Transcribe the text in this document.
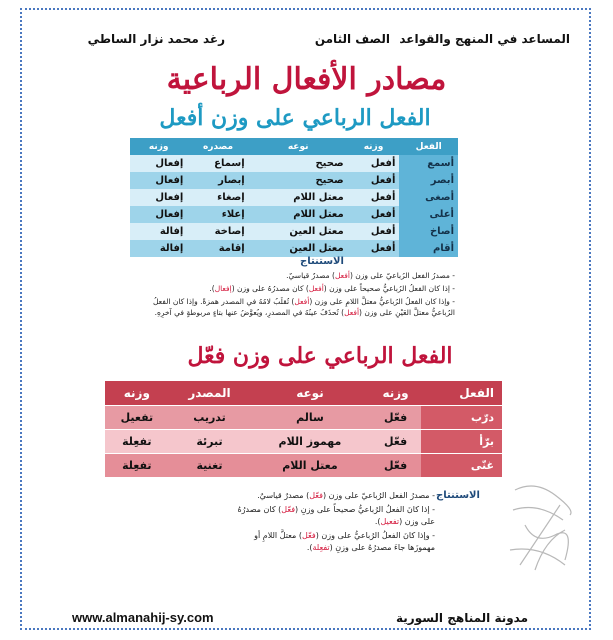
المساعد في المنهج والقواعد
الصف الثامن
رغد محمد نزار الساطي
مصادر الأفعال الرباعية
الفعل الرباعي على وزن أفعل
الفعل	وزنه	نوعه	مصدره	وزنه
أسمع	أفعل	صحيح	إسماع	إفعال
أبصر	أفعل	صحيح	إبصار	إفعال
أصغى	أفعل	معتل اللام	إصغاء	إفعال
أعلى	أفعل	معتل اللام	إعلاء	إفعال
أصاخ	أفعل	معتل العين	إصاخة	إفالة
أقام	أفعل	معتل العين	إقامة	إفالة
الاستنتاج

- مصدرُ الفعل الرُباعيّ على وزن (أفعل) مصدرٌ قياسيٌ.

- إذا كان الفعلُ الرُباعيُّ صحيحاً على وزن (أفعل) كان مصدرُهُ على وزن (إفعال).

- وإذا كان الفعلُ الرُباعيُّ معتلَّ اللامِ على وزن (أفعل) تُقلَبُ لامُهُ في المصدر همزةً. وإذا كان الفعلُ الرُباعيُّ معتلَّ العَيْنِ على وزن (أفعل) تُحذَفُ عينُهُ في المصدرِ، ويُعوَّضُ عنها بتاءٍ مربوطةٍ في آخرِهِ.

الفعل الرباعي على وزن فعّل
الفعل	وزنه	نوعه	المصدر	وزنه
درّب	فعّل	سالم	تدريب	تفعيل
برّأ	فعّل	مهموز اللام	تبرئة	تفعِلة
غنّى	فعّل	معتل اللام	تغنية	تفعِلة
الاستنتاج

- مصدرُ الفعل الرُباعيّ على وزن (فعّل) مصدرٌ قياسيٌ.

- إذا كانَ الفعلُ الرُباعيُّ صحيحاً على وزنِ (فعّل) كان مصدرُهُ على وزن (تفعيل).

- وإذا كانَ الفعلُ الرُباعيُّ على وزن (فعّل) معتلَّ اللامِ أو مهموزَها جاءَ مصدرُهُ على وزنِ (تفعِلة).

www.almanahij-sy.com	مدونة المناهج السورية
